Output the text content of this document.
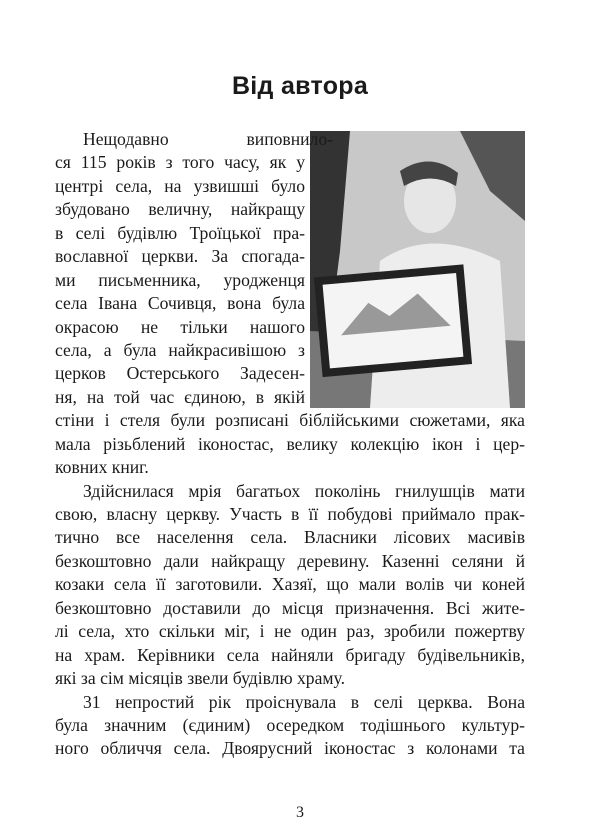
Від автора
Нещодавно виповнило-
ся 115 років з того часу, як у
центрі села, на узвишші було
збудовано величну, найкращу
в селі будівлю Троїцької пра-
вославної церкви. За спогада-
ми письменника, уродженця
села Івана Сочивця, вона була
окрасою не тільки нашого
села, а була найкрасивішою з
церков Остерського Задесен-
ня, на той час єдиною, в якій
стіни і стеля були розписані біблійськими сюжетами, яка
мала різьблений іконостас, велику колекцію ікон і цер-
ковних книг.
Здійснилася мрія багатьох поколінь гнилушців мати
свою, власну церкву. Участь в її побудові приймало прак-
тично все населення села. Власники лісових масивів
безкоштовно дали найкращу деревину. Казенні селяни й
козаки села її заготовили. Хазяї, що мали волів чи коней
безкоштовно доставили до місця призначення. Всі жите-
лі села, хто скільки міг, і не один раз, зробили пожертву
на храм. Керівники села найняли бригаду будівельників,
які за сім місяців звели будівлю храму.
31 непростий рік проіснувала в селі церква. Вона
була значним (єдиним) осередком тодішнього культур-
ного обличчя села. Двоярусний іконостас з колонами та
3
